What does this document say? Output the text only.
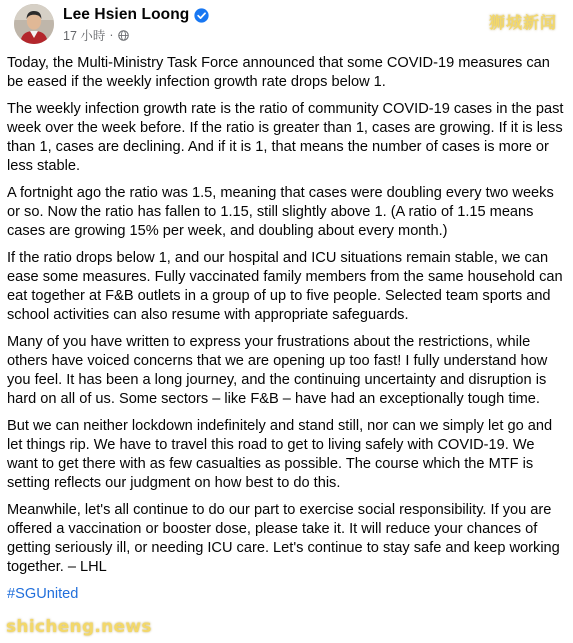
Lee Hsien Loong
17 小時 ·
狮城新闻

Today, the Multi-Ministry Task Force announced that some COVID-19 measures can be eased if the weekly infection growth rate drops below 1.

The weekly infection growth rate is the ratio of community COVID-19 cases in the past week over the week before. If the ratio is greater than 1, cases are growing. If it is less than 1, cases are declining. And if it is 1, that means the number of cases is more or less stable.

A fortnight ago the ratio was 1.5, meaning that cases were doubling every two weeks or so. Now the ratio has fallen to 1.15, still slightly above 1. (A ratio of 1.15 means cases are growing 15% per week, and doubling about every month.)

If the ratio drops below 1, and our hospital and ICU situations remain stable, we can ease some measures. Fully vaccinated family members from the same household can eat together at F&B outlets in a group of up to five people. Selected team sports and school activities can also resume with appropriate safeguards.

Many of you have written to express your frustrations about the restrictions, while others have voiced concerns that we are opening up too fast! I fully understand how you feel. It has been a long journey, and the continuing uncertainty and disruption is hard on all of us. Some sectors – like F&B – have had an exceptionally tough time.

But we can neither lockdown indefinitely and stand still, nor can we simply let go and let things rip. We have to travel this road to get to living safely with COVID-19. We want to get there with as few casualties as possible. The course which the MTF is setting reflects our judgment on how best to do this.

Meanwhile, let's all continue to do our part to exercise social responsibility. If you are offered a vaccination or booster dose, please take it. It will reduce your chances of getting seriously ill, or needing ICU care. Let's continue to stay safe and keep working together. – LHL

#SGUnited

shicheng.news
